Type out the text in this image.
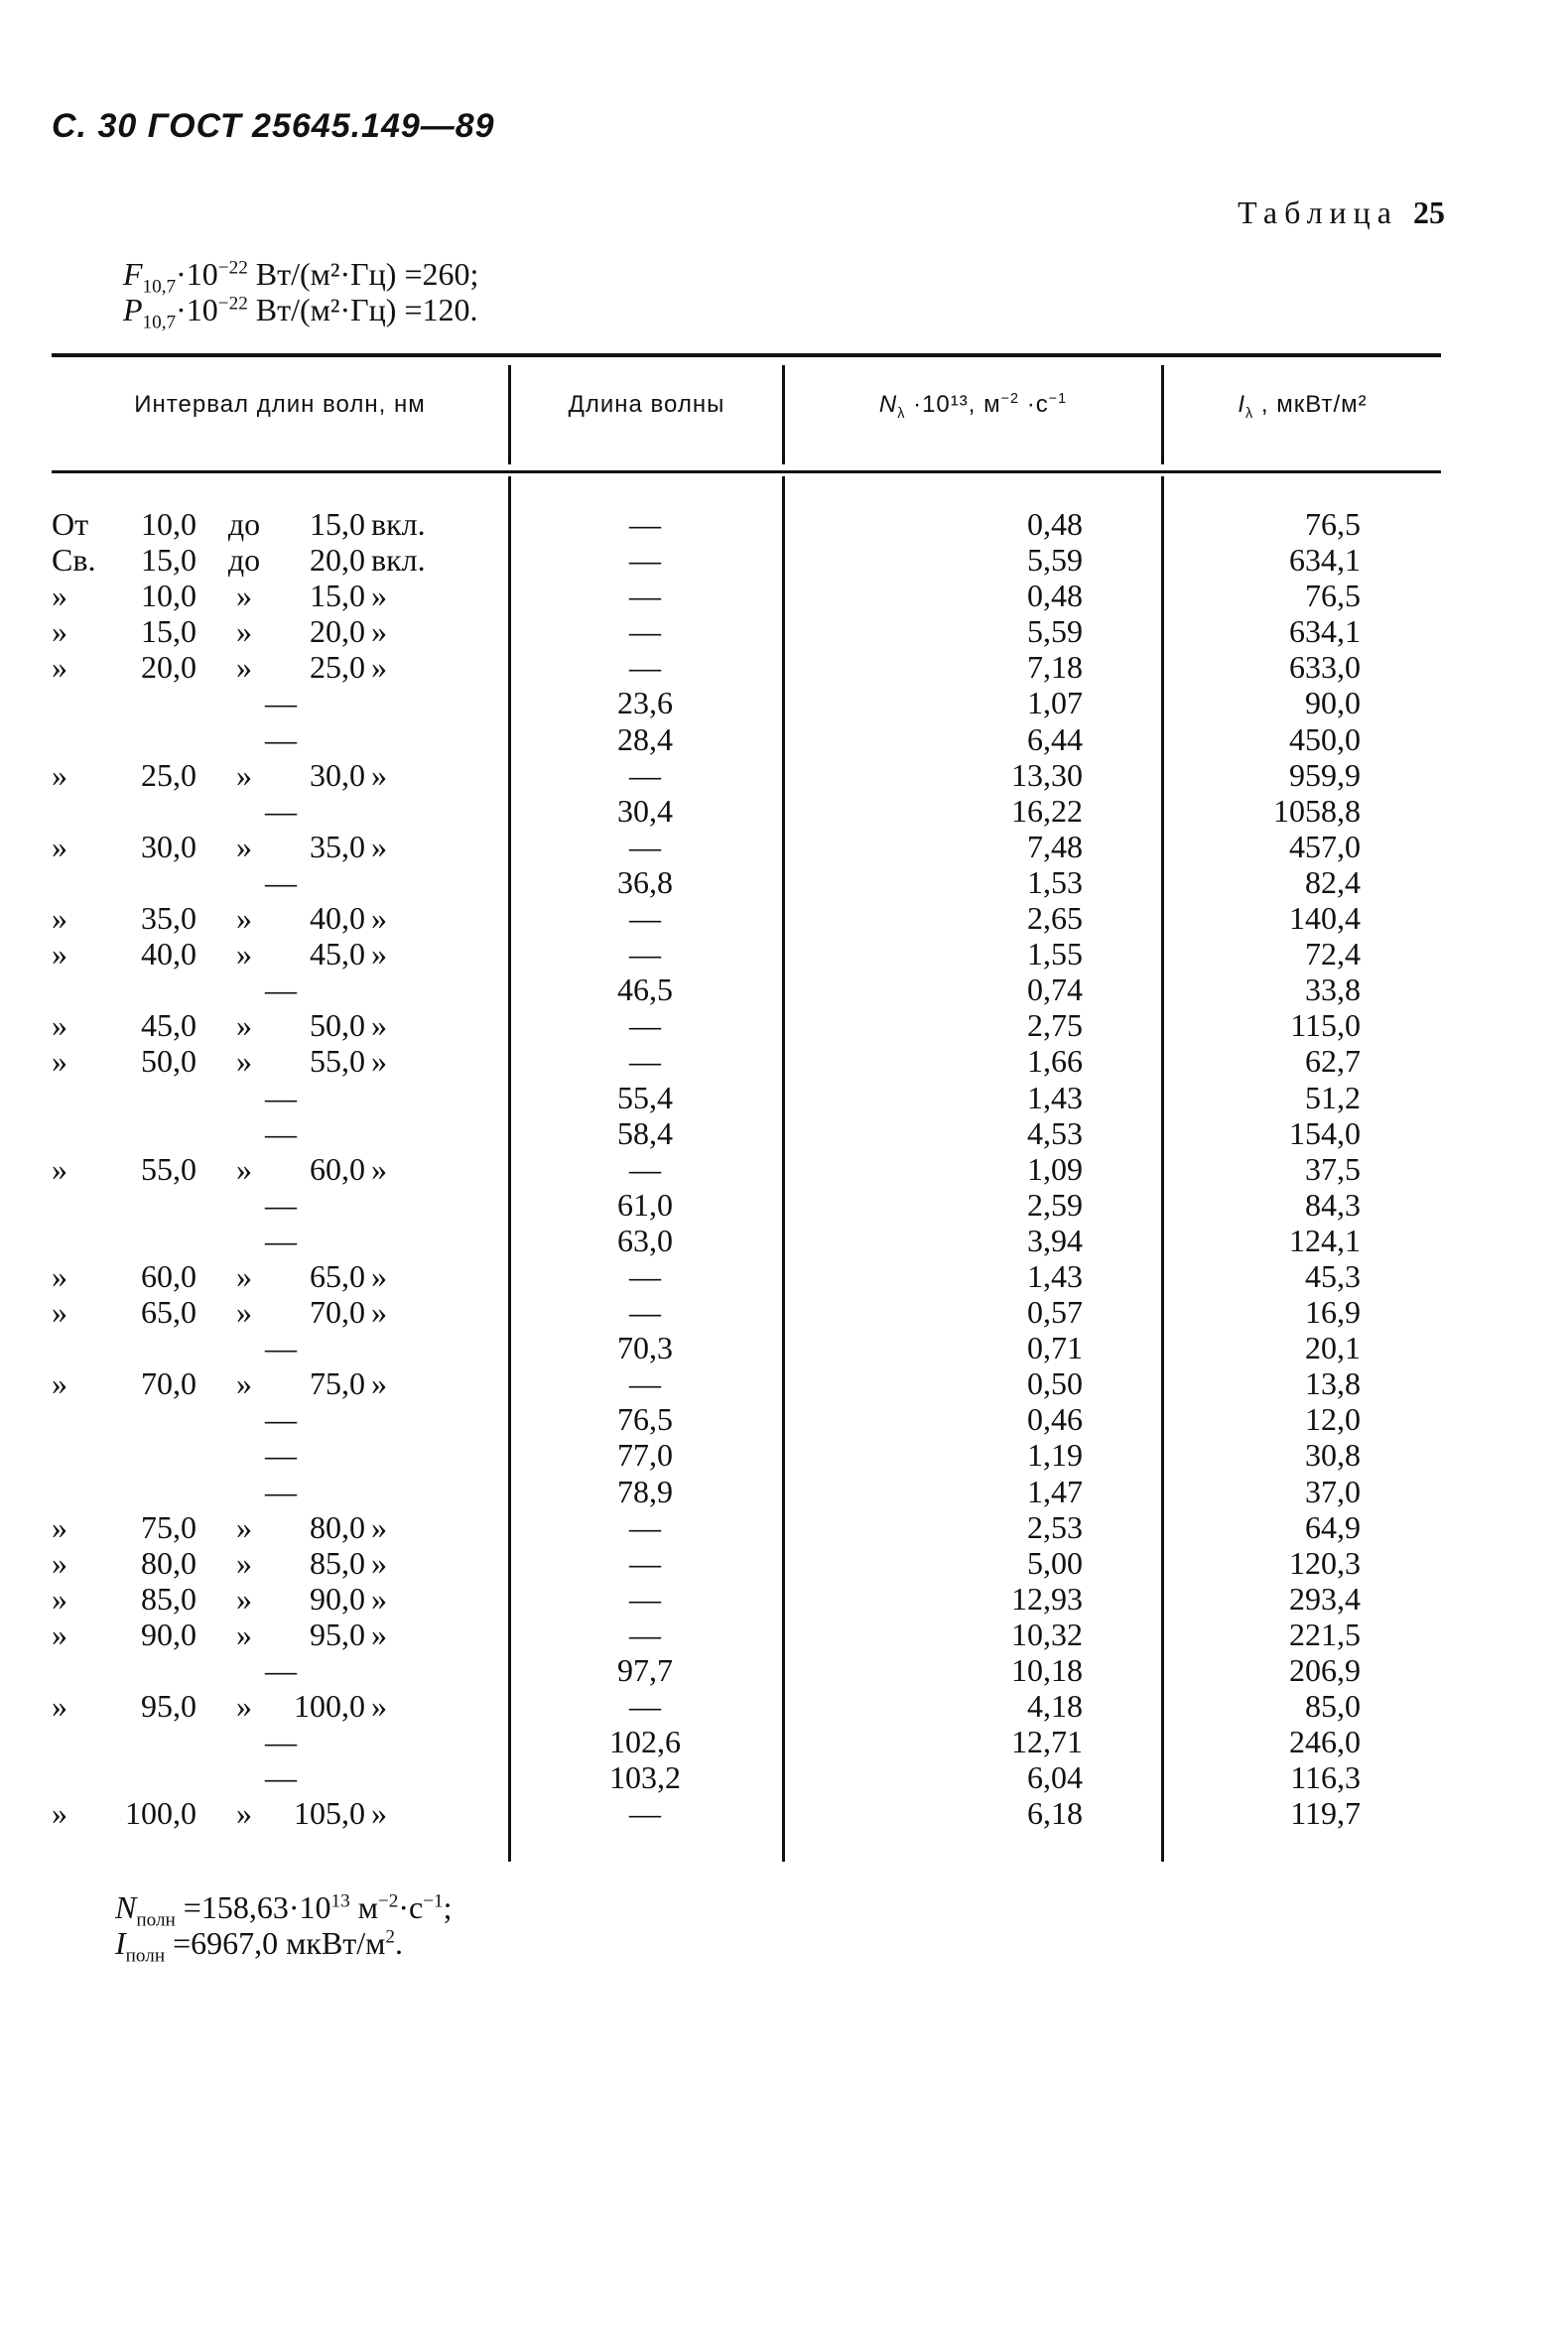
С. 30 ГОСТ 25645.149—89
Таблица 25
$F_{10,7}\cdot 10^{-22}$ Вт/(м²·Гц) =260;
$P_{10,7}\cdot 10^{-22}$ Вт/(м²·Гц) =120.
Интервал длин волн, нм	Длина волны	$N_\lambda \cdot 10^{13}$, $м^{-2} \cdot с^{-1}$	$I_\lambda$ , мкВт/м²
От	10,0 до	15,0 вкл.	—	0,48	76,5
Св.	15,0 до	20,0 вкл.	—	5,59	634,1
»	10,0	»	15,0 »	—	0,48	76,5
»	15,0	»	20,0 »	—	5,59	634,1
»	20,0	»	25,0 »	—	7,18	633,0
—	23,6	1,07	90,0
—	28,4	6,44	450,0
»	25,0	»	30,0 »	—	13,30	959,9
—	30,4	16,22	1058,8
»	30,0	»	35,0 »	—	7,48	457,0
—	36,8	1,53	82,4
»	35,0	»	40,0 »	—	2,65	140,4
»	40,0	»	45,0 »	—	1,55	72,4
—	46,5	0,74	33,8
»	45,0	»	50,0 »	—	2,75	115,0
»	50,0	»	55,0 »	—	1,66	62,7
—	55,4	1,43	51,2
—	58,4	4,53	154,0
»	55,0	»	60,0 »	—	1,09	37,5
—	61,0	2,59	84,3
—	63,0	3,94	124,1
»	60,0	»	65,0 »	—	1,43	45,3
»	65,0	»	70,0 »	—	0,57	16,9
—	70,3	0,71	20,1
»	70,0	»	75,0 »	—	0,50	13,8
—	76,5	0,46	12,0
—	77,0	1,19	30,8
—	78,9	1,47	37,0
»	75,0	»	80,0 »	—	2,53	64,9
»	80,0	»	85,0 »	—	5,00	120,3
»	85,0	»	90,0 »	—	12,93	293,4
»	90,0	»	95,0 »	—	10,32	221,5
—	97,7	10,18	206,9
»	95,0	»	100,0 »	—	4,18	85,0
—	102,6	12,71	246,0
—	103,2	6,04	116,3
»	100,0	»	105,0 »	—	6,18	119,7
$N_{полн} =158,63\cdot 10^{13}$ $м^{-2}\cdot с^{-1}$;
$I_{полн} =6967,0$ мкВт/$м^2$.
